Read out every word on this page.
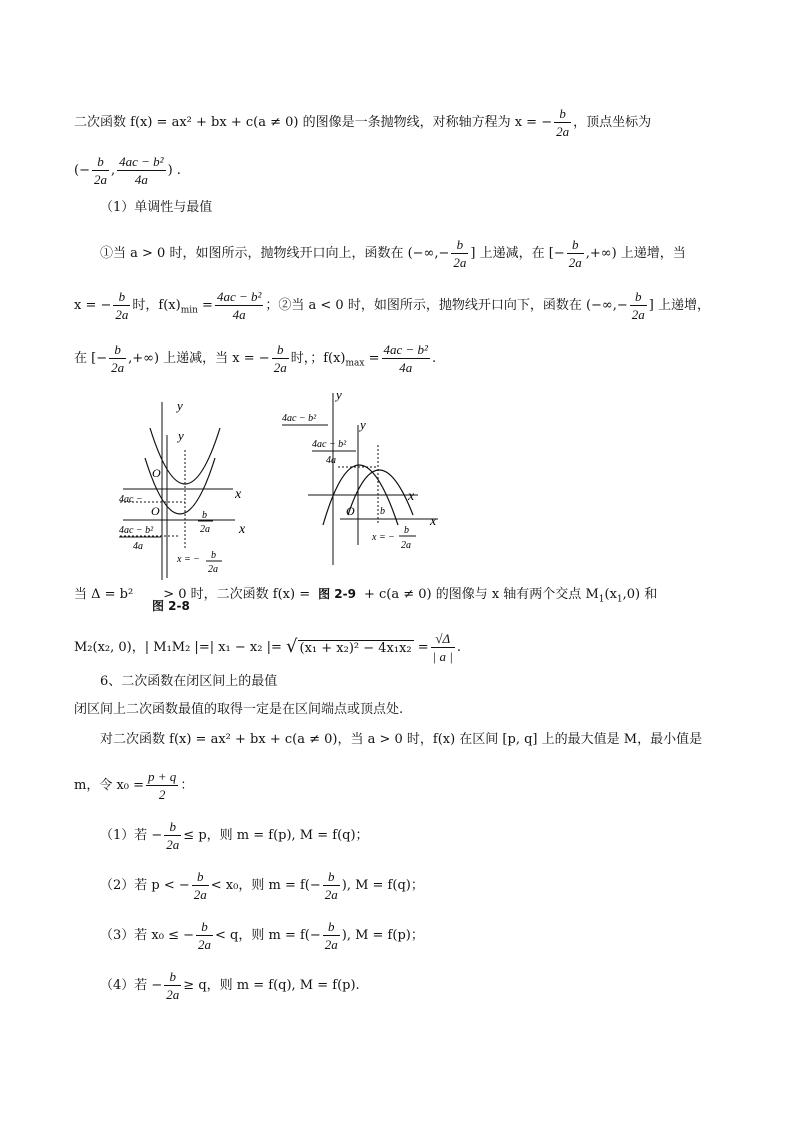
二次函数 f(x) = ax² + bx + c(a ≠ 0) 的图像是一条抛物线，对称轴方程为 x = − $\frac{b}{2a}$ ，顶点坐标为
(− $\frac{b}{2a}$ , $\frac{\text{4ac − b²}}{4a}$ ) .
（1）单调性与最值
①当 a > 0 时，如图所示，抛物线开口向上，函数在 (−∞,− $\frac{b}{2a}$ ] 上递减，在 [− $\frac{b}{2a}$ ,+∞) 上递增，当
x = − $\frac{b}{2a}$ 时，$f(x)_{min} = \frac{\text{4ac − b²}}{4a}$ ；②当 a < 0 时，如图所示，抛物线开口向下，函数在 (−∞,− $\frac{b}{2a}$ ] 上递增，
在 [− $\frac{b}{2a}$ ,+∞) 上递减，当 x = − $\frac{b}{2a}$ 时，；$f(x)_{max} = \frac{\text{4ac − b²}}{4a}$ .
y
y
x
x
O
O
4ac −
4ac − b²
4a
b
2a
x = − b
2a
y
y
x
x
O
4ac − b²
4ac − b²
4a
b
x = −
b
2a
当 Δ = b² > 0 时，二次函数 f(x) = 图 2-9 + c(a ≠ 0) 的图像与 x 轴有两个交点 $M_1(x_1,0)$ 和
图 2-8
M₂(x₂, 0)，| M₁M₂ |=| x₁ − x₂ |= √ $(x_1 + x_2)^2 - 4x_1x_2 = \frac{√\Delta}{| a |}$ .
6、二次函数在闭区间上的最值
闭区间上二次函数最值的取得一定是在区间端点或顶点处.
对二次函数 f(x) = ax² + bx + c(a ≠ 0)，当 a > 0 时，f(x) 在区间 [p, q] 上的最大值是 M，最小值是
m，令 $x_0 = \frac{p + q}{2}$ ：
（1）若 − $\frac{b}{2a} \le p$，则 m = f(p), M = f(q)；
（2）若 p < − $\frac{b}{2a} < x_0$，则 $m = f(- \frac{b}{2a}$ ), M = f(q)；
（3）若 x₀ ≤ − $\frac{b}{2a} < q$，则 $m = f(- \frac{b}{2a}$ ), M = f(p)；
（4）若 − $\frac{b}{2a} \ge q$，则 m = f(q), M = f(p).
